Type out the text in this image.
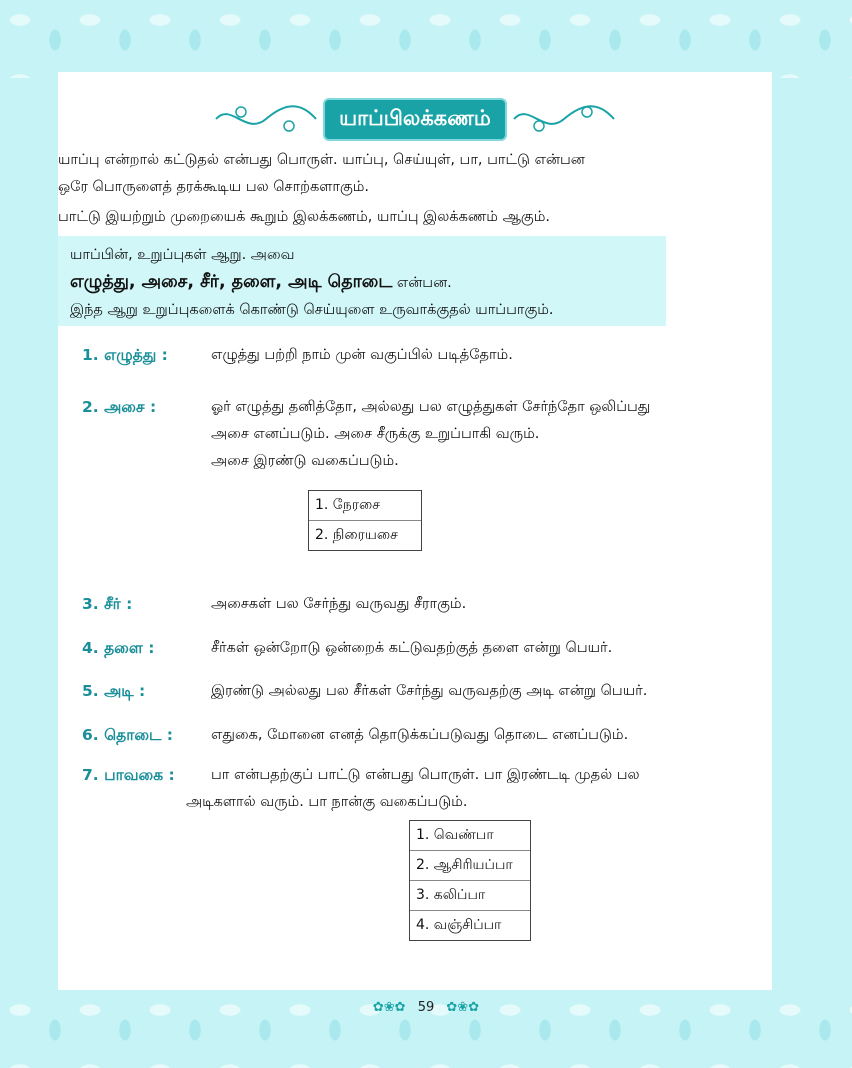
யாப்பிலக்கணம்
யாப்பு என்றால் கட்டுதல் என்பது பொருள். யாப்பு, செய்யுள், பா, பாட்டு என்பன
ஒரே பொருளைத் தரக்கூடிய பல சொற்களாகும்.
பாட்டு இயற்றும் முறையைக் கூறும் இலக்கணம், யாப்பு இலக்கணம் ஆகும்.
யாப்பின், உறுப்புகள் ஆறு. அவை
எழுத்து, அசை, சீர், தளை, அடி தொடை என்பன.
இந்த ஆறு உறுப்புகளைக் கொண்டு செய்யுளை உருவாக்குதல் யாப்பாகும்.
1. எழுத்து :	எழுத்து பற்றி நாம் முன் வகுப்பில் படித்தோம்.
2. அசை :	ஓர் எழுத்து தனித்தோ, அல்லது பல எழுத்துகள் சேர்ந்தோ ஒலிப்பது
அசை எனப்படும். அசை சீருக்கு உறுப்பாகி வரும்.
அசை இரண்டு வகைப்படும்.
1. நேரசை
2. நிரையசை
3. சீர் :	அசைகள் பல சேர்ந்து வருவது சீராகும்.
4. தளை :	சீர்கள் ஒன்றோடு ஒன்றைக் கட்டுவதற்குத் தளை என்று பெயர்.
5. அடி :	இரண்டு அல்லது பல சீர்கள் சேர்ந்து வருவதற்கு அடி என்று பெயர்.
6. தொடை :	எதுகை, மோனை எனத் தொடுக்கப்படுவது தொடை எனப்படும்.
7. பாவகை :	பா என்பதற்குப் பாட்டு என்பது பொருள். பா இரண்டடி முதல் பல
அடிகளால் வரும். பா நான்கு வகைப்படும்.
1. வெண்பா
2. ஆசிரியப்பா
3. கலிப்பா
4. வஞ்சிப்பா
✿❀✿ 59 ✿❀✿
